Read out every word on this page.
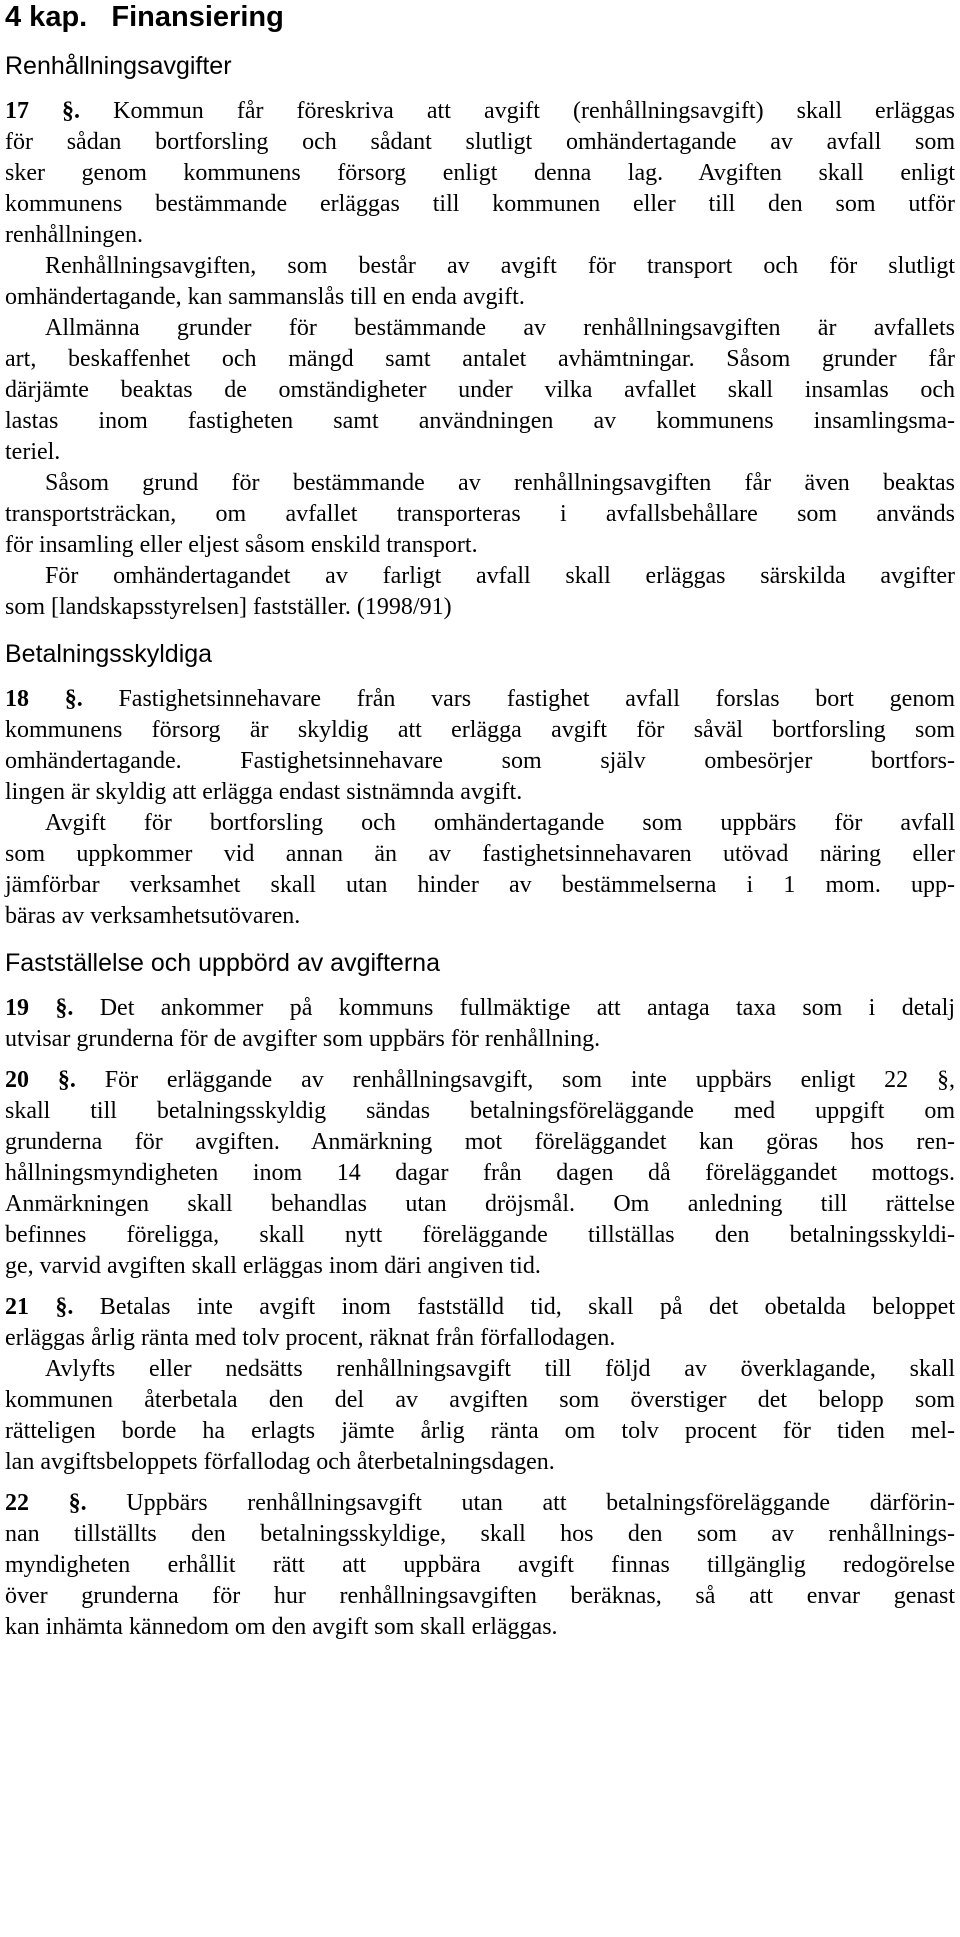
4 kap. Finansiering
Renhållningsavgifter

17 §. Kommun får föreskriva att avgift (renhållningsavgift) skall erläggas
för sådan bortforsling och sådant slutligt omhändertagande av avfall som
sker genom kommunens försorg enligt denna lag. Avgiften skall enligt
kommunens bestämmande erläggas till kommunen eller till den som utför
renhållningen.

Renhållningsavgiften, som består av avgift för transport och för slutligt
omhändertagande, kan sammanslås till en enda avgift.

Allmänna grunder för bestämmande av renhållningsavgiften är avfallets
art, beskaffenhet och mängd samt antalet avhämtningar. Såsom grunder får
därjämte beaktas de omständigheter under vilka avfallet skall insamlas och
lastas inom fastigheten samt användningen av kommunens insamlingsma-
teriel.

Såsom grund för bestämmande av renhållningsavgiften får även beaktas
transportsträckan, om avfallet transporteras i avfallsbehållare som används
för insamling eller eljest såsom enskild transport.

För omhändertagandet av farligt avfall skall erläggas särskilda avgifter
som [landskapsstyrelsen] fastställer. (1998/91)

Betalningsskyldiga

18 §. Fastighetsinnehavare från vars fastighet avfall forslas bort genom
kommunens försorg är skyldig att erlägga avgift för såväl bortforsling som
omhändertagande. Fastighetsinnehavare som själv ombesörjer bortfors-
lingen är skyldig att erlägga endast sistnämnda avgift.

Avgift för bortforsling och omhändertagande som uppbärs för avfall
som uppkommer vid annan än av fastighetsinnehavaren utövad näring eller
jämförbar verksamhet skall utan hinder av bestämmelserna i 1 mom. upp-
bäras av verksamhetsutövaren.

Fastställelse och uppbörd av avgifterna

19 §. Det ankommer på kommuns fullmäktige att antaga taxa som i detalj
utvisar grunderna för de avgifter som uppbärs för renhållning.

20 §. För erläggande av renhållningsavgift, som inte uppbärs enligt 22 §,
skall till betalningsskyldig sändas betalningsföreläggande med uppgift om
grunderna för avgiften. Anmärkning mot föreläggandet kan göras hos ren-
hållningsmyndigheten inom 14 dagar från dagen då föreläggandet mottogs.
Anmärkningen skall behandlas utan dröjsmål. Om anledning till rättelse
befinnes föreligga, skall nytt föreläggande tillställas den betalningsskyldi-
ge, varvid avgiften skall erläggas inom däri angiven tid.

21 §. Betalas inte avgift inom fastställd tid, skall på det obetalda beloppet
erläggas årlig ränta med tolv procent, räknat från förfallodagen.

Avlyfts eller nedsätts renhållningsavgift till följd av överklagande, skall
kommunen återbetala den del av avgiften som överstiger det belopp som
rätteligen borde ha erlagts jämte årlig ränta om tolv procent för tiden mel-
lan avgiftsbeloppets förfallodag och återbetalningsdagen.

22 §. Uppbärs renhållningsavgift utan att betalningsföreläggande därförin-
nan tillställts den betalningsskyldige, skall hos den som av renhållnings-
myndigheten erhållit rätt att uppbära avgift finnas tillgänglig redogörelse
över grunderna för hur renhållningsavgiften beräknas, så att envar genast
kan inhämta kännedom om den avgift som skall erläggas.
